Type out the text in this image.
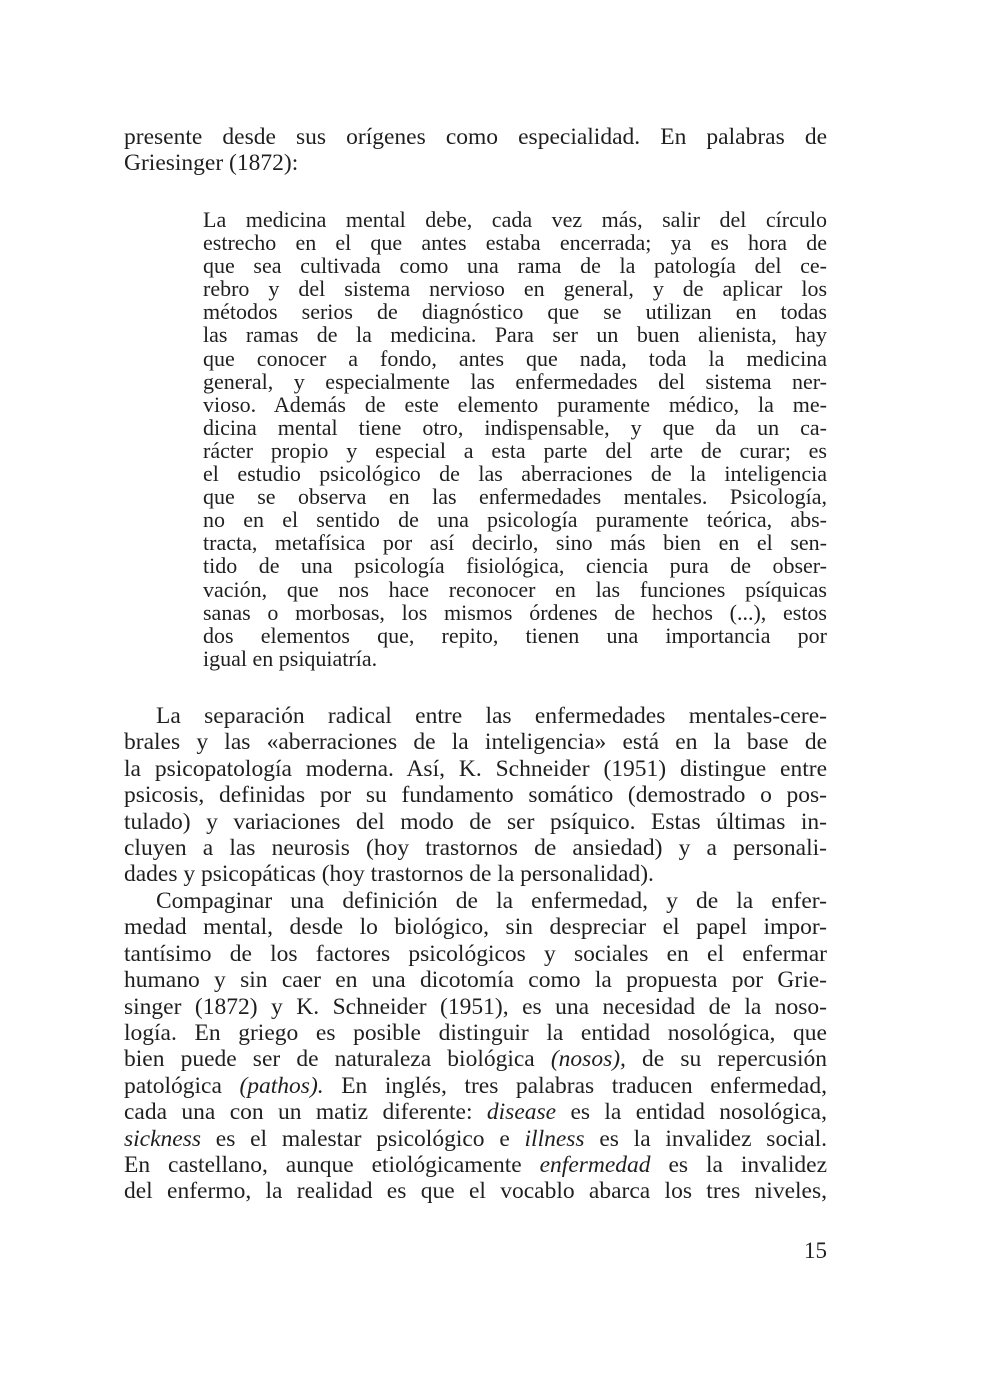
presente desde sus orígenes como especialidad. En palabras de
Griesinger (1872):
La medicina mental debe, cada vez más, salir del círculo
estrecho en el que antes estaba encerrada; ya es hora de
que sea cultivada como una rama de la patología del ce-
rebro y del sistema nervioso en general, y de aplicar los
métodos serios de diagnóstico que se utilizan en todas
las ramas de la medicina. Para ser un buen alienista, hay
que conocer a fondo, antes que nada, toda la medicina
general, y especialmente las enfermedades del sistema ner-
vioso. Además de este elemento puramente médico, la me-
dicina mental tiene otro, indispensable, y que da un ca-
rácter propio y especial a esta parte del arte de curar; es
el estudio psicológico de las aberraciones de la inteligencia
que se observa en las enfermedades mentales. Psicología,
no en el sentido de una psicología puramente teórica, abs-
tracta, metafísica por así decirlo, sino más bien en el sen-
tido de una psicología fisiológica, ciencia pura de obser-
vación, que nos hace reconocer en las funciones psíquicas
sanas o morbosas, los mismos órdenes de hechos (...), estos
dos elementos que, repito, tienen una importancia por
igual en psiquiatría.
La separación radical entre las enfermedades mentales-cere-
brales y las «aberraciones de la inteligencia» está en la base de
la psicopatología moderna. Así, K. Schneider (1951) distingue entre
psicosis, definidas por su fundamento somático (demostrado o pos-
tulado) y variaciones del modo de ser psíquico. Estas últimas in-
cluyen a las neurosis (hoy trastornos de ansiedad) y a personali-
dades y psicopáticas (hoy trastornos de la personalidad).
Compaginar una definición de la enfermedad, y de la enfer-
medad mental, desde lo biológico, sin despreciar el papel impor-
tantísimo de los factores psicológicos y sociales en el enfermar
humano y sin caer en una dicotomía como la propuesta por Grie-
singer (1872) y K. Schneider (1951), es una necesidad de la noso-
logía. En griego es posible distinguir la entidad nosológica, que
bien puede ser de naturaleza biológica (nosos), de su repercusión
patológica (pathos). En inglés, tres palabras traducen enfermedad,
cada una con un matiz diferente: disease es la entidad nosológica,
sickness es el malestar psicológico e illness es la invalidez social.
En castellano, aunque etiológicamente enfermedad es la invalidez
del enfermo, la realidad es que el vocablo abarca los tres niveles,
15
